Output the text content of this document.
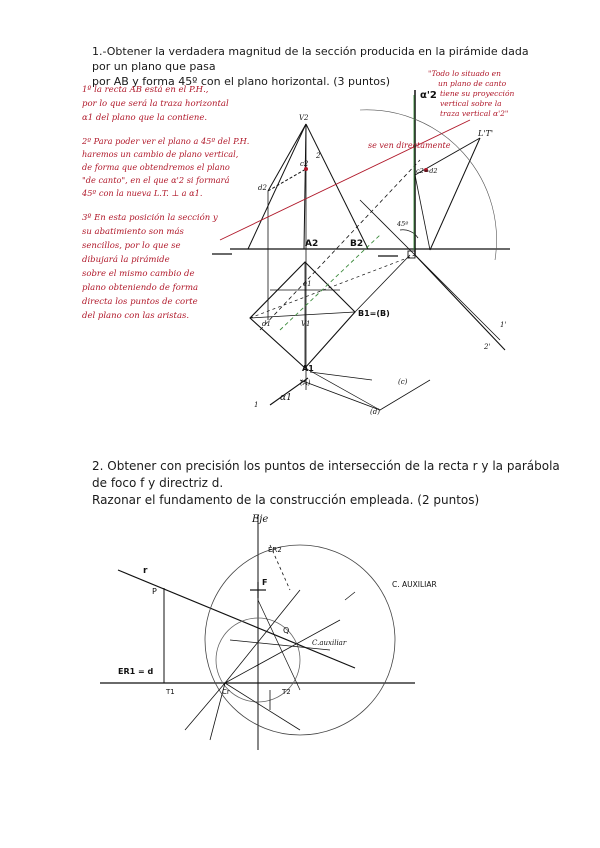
1.-Obtener la verdadera magnitud de la sección producida en la pirámide dada por un plano que pasa
por AB y forma 45º con el plano horizontal. (3 puntos)
2. Obtener con precisión los puntos de intersección de la recta r y la parábola de foco f y directriz d.
Razonar el fundamento de la construcción empleada. (2 puntos)
1º la recta AB está en el P.H.,
por lo que será la traza horizontal
α1 del plano que la contiene.
2º Para poder ver el plano a 45º del P.H.
haremos un cambio de plano vertical,
de forma que obtendremos el plano
"de canto", en el que α'2 si formará
45º con la nueva L.T. ⊥ a α1.
3º En esta posición la sección y
su abatimiento son más
sencillos, por lo que se
dibujará la pirámide
sobre el mismo cambio de
plano obteniendo de forma
directa los puntos de corte
del plano con las aristas.
"Todo lo situado en
un plano de canto
tiene su proyección
vertical sobre la
traza vertical α'2"
se ven directamente
V2
c2
d2
A2	B2
e1
d1	V1
B1=(B)
A1
(A)	(c)
(d)
c2=d2
α1
α'2
L'T'
45º
1
2
1'
2'
Eje
r
P
F
Q
C.auxiliar
C. AUXILIAR
ER2
ER1 = d
T1	T2
Cr
